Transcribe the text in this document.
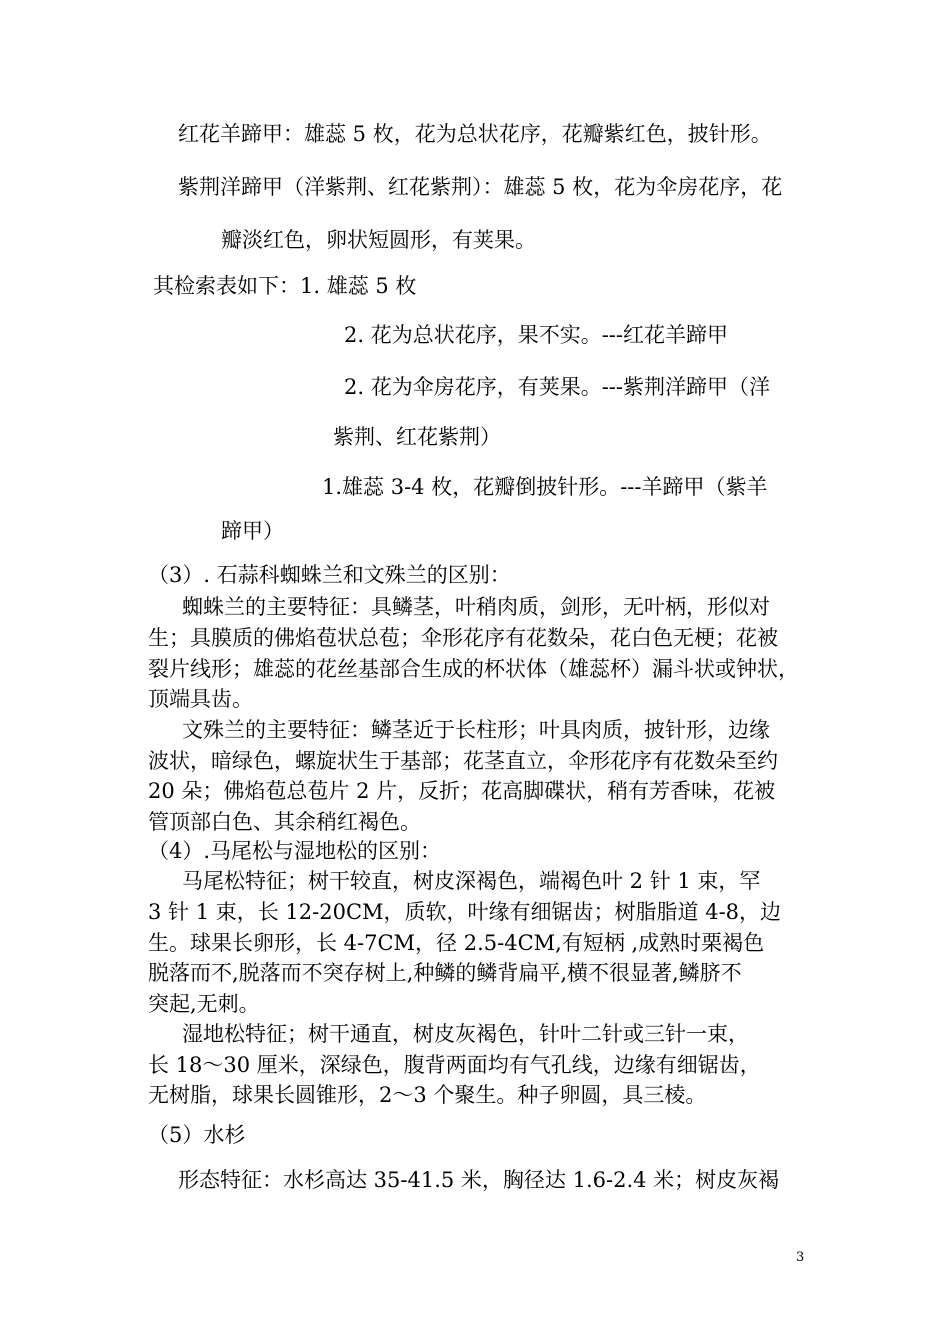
红花羊蹄甲：雄蕊 5 枚，花为总状花序，花瓣紫红色，披针形。
紫荆洋蹄甲（洋紫荆、红花紫荆）：雄蕊 5 枚，花为伞房花序，花
瓣淡红色，卵状短圆形，有荚果。
其检索表如下：1. 雄蕊 5 枚
2. 花为总状花序，果不实。---红花羊蹄甲
2. 花为伞房花序，有荚果。---紫荆洋蹄甲（洋
紫荆、红花紫荆）
1.雄蕊 3-4 枚，花瓣倒披针形。---羊蹄甲（紫羊
蹄甲）
（3）. 石蒜科蜘蛛兰和文殊兰的区别：
蜘蛛兰的主要特征：具鳞茎，叶稍肉质，剑形，无叶柄，形似对
生；具膜质的佛焰苞状总苞；伞形花序有花数朵，花白色无梗；花被
裂片线形；雄蕊的花丝基部合生成的杯状体（雄蕊杯）漏斗状或钟状，
顶端具齿。
文殊兰的主要特征：鳞茎近于长柱形；叶具肉质，披针形，边缘
波状，暗绿色，螺旋状生于基部；花茎直立，伞形花序有花数朵至约
20 朵；佛焰苞总苞片 2 片，反折；花高脚碟状，稍有芳香味，花被
管顶部白色、其余稍红褐色。
（4）.马尾松与湿地松的区别：
马尾松特征；树干较直，树皮深褐色，端褐色叶 2 针 1 束，罕
3 针 1 束，长 12-20CM，质软，叶缘有细锯齿；树脂脂道 4-8，边
生。球果长卵形，长 4-7CM，径 2.5-4CM,有短柄 ,成熟时栗褐色
脱落而不,脱落而不突存树上,种鳞的鳞背扁平,横不很显著,鳞脐不
突起,无刺。
湿地松特征；树干通直，树皮灰褐色，针叶二针或三针一束，
长 18～30 厘米，深绿色，腹背两面均有气孔线，边缘有细锯齿，
无树脂，球果长圆锥形，2～3 个聚生。种子卵圆，具三棱。
（5）水杉
形态特征：水杉高达 35-41.5 米，胸径达 1.6-2.4 米；树皮灰褐
3
